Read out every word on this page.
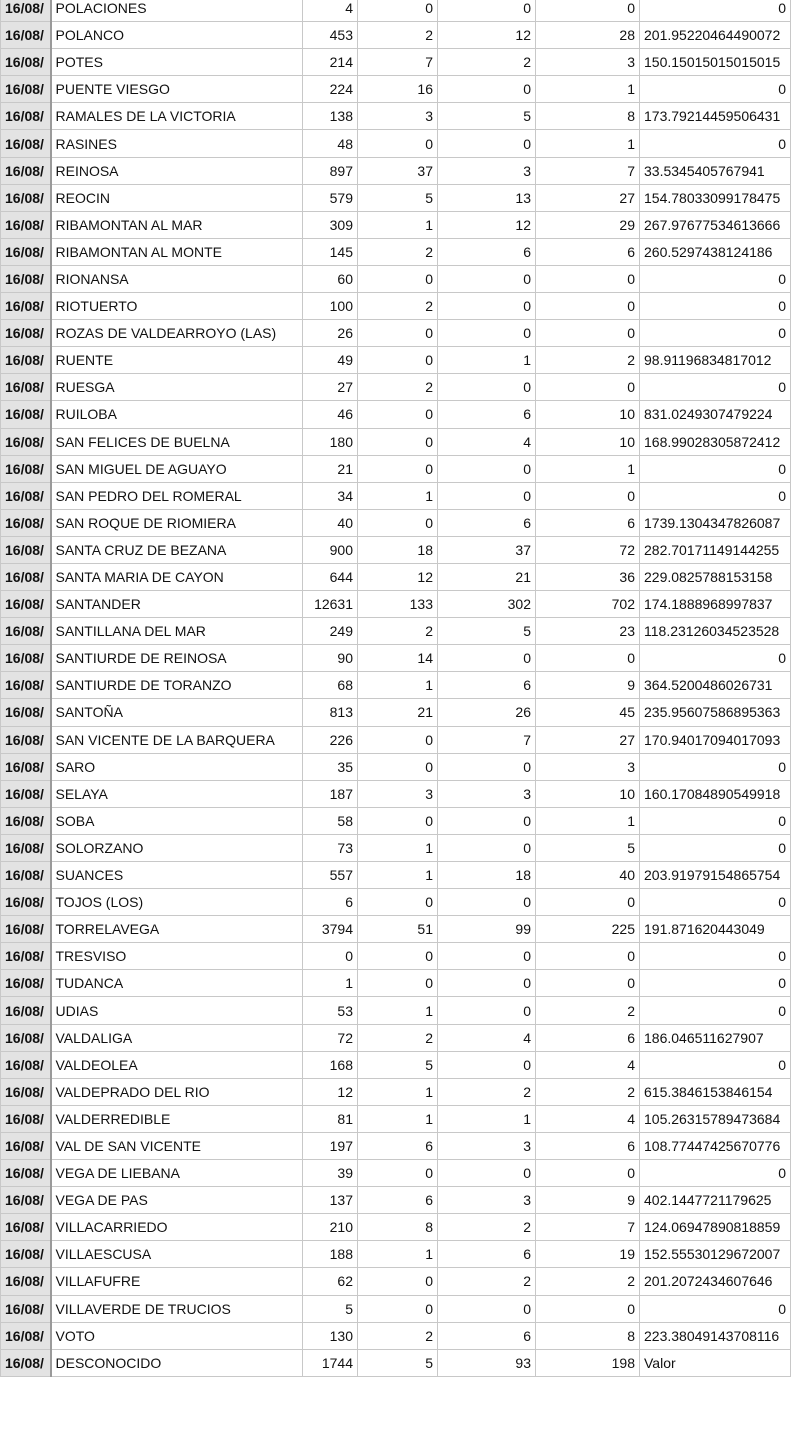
16/08/	POLACIONES	4	0	0	0	0
16/08/	POLANCO	453	2	12	28	201.95220464490072
16/08/	POTES	214	7	2	3	150.15015015015015
16/08/	PUENTE VIESGO	224	16	0	1	0
16/08/	RAMALES DE LA VICTORIA	138	3	5	8	173.79214459506431
16/08/	RASINES	48	0	0	1	0
16/08/	REINOSA	897	37	3	7	33.5345405767941
16/08/	REOCIN	579	5	13	27	154.78033099178475
16/08/	RIBAMONTAN AL MAR	309	1	12	29	267.97677534613666
16/08/	RIBAMONTAN AL MONTE	145	2	6	6	260.5297438124186
16/08/	RIONANSA	60	0	0	0	0
16/08/	RIOTUERTO	100	2	0	0	0
16/08/	ROZAS DE VALDEARROYO (LAS)	26	0	0	0	0
16/08/	RUENTE	49	0	1	2	98.91196834817012
16/08/	RUESGA	27	2	0	0	0
16/08/	RUILOBA	46	0	6	10	831.0249307479224
16/08/	SAN FELICES DE BUELNA	180	0	4	10	168.99028305872412
16/08/	SAN MIGUEL DE AGUAYO	21	0	0	1	0
16/08/	SAN PEDRO DEL ROMERAL	34	1	0	0	0
16/08/	SAN ROQUE DE RIOMIERA	40	0	6	6	1739.1304347826087
16/08/	SANTA CRUZ DE BEZANA	900	18	37	72	282.70171149144255
16/08/	SANTA MARIA DE CAYON	644	12	21	36	229.0825788153158
16/08/	SANTANDER	12631	133	302	702	174.1888968997837
16/08/	SANTILLANA DEL MAR	249	2	5	23	118.23126034523528
16/08/	SANTIURDE DE REINOSA	90	14	0	0	0
16/08/	SANTIURDE DE TORANZO	68	1	6	9	364.5200486026731
16/08/	SANTOÑA	813	21	26	45	235.95607586895363
16/08/	SAN VICENTE DE LA BARQUERA	226	0	7	27	170.94017094017093
16/08/	SARO	35	0	0	3	0
16/08/	SELAYA	187	3	3	10	160.17084890549918
16/08/	SOBA	58	0	0	1	0
16/08/	SOLORZANO	73	1	0	5	0
16/08/	SUANCES	557	1	18	40	203.91979154865754
16/08/	TOJOS (LOS)	6	0	0	0	0
16/08/	TORRELAVEGA	3794	51	99	225	191.871620443049
16/08/	TRESVISO	0	0	0	0	0
16/08/	TUDANCA	1	0	0	0	0
16/08/	UDIAS	53	1	0	2	0
16/08/	VALDALIGA	72	2	4	6	186.046511627907
16/08/	VALDEOLEA	168	5	0	4	0
16/08/	VALDEPRADO DEL RIO	12	1	2	2	615.3846153846154
16/08/	VALDERREDIBLE	81	1	1	4	105.26315789473684
16/08/	VAL DE SAN VICENTE	197	6	3	6	108.77447425670776
16/08/	VEGA DE LIEBANA	39	0	0	0	0
16/08/	VEGA DE PAS	137	6	3	9	402.1447721179625
16/08/	VILLACARRIEDO	210	8	2	7	124.06947890818859
16/08/	VILLAESCUSA	188	1	6	19	152.55530129672007
16/08/	VILLAFUFRE	62	0	2	2	201.2072434607646
16/08/	VILLAVERDE DE TRUCIOS	5	0	0	0	0
16/08/	VOTO	130	2	6	8	223.38049143708116
16/08/	DESCONOCIDO	1744	5	93	198	Valor
